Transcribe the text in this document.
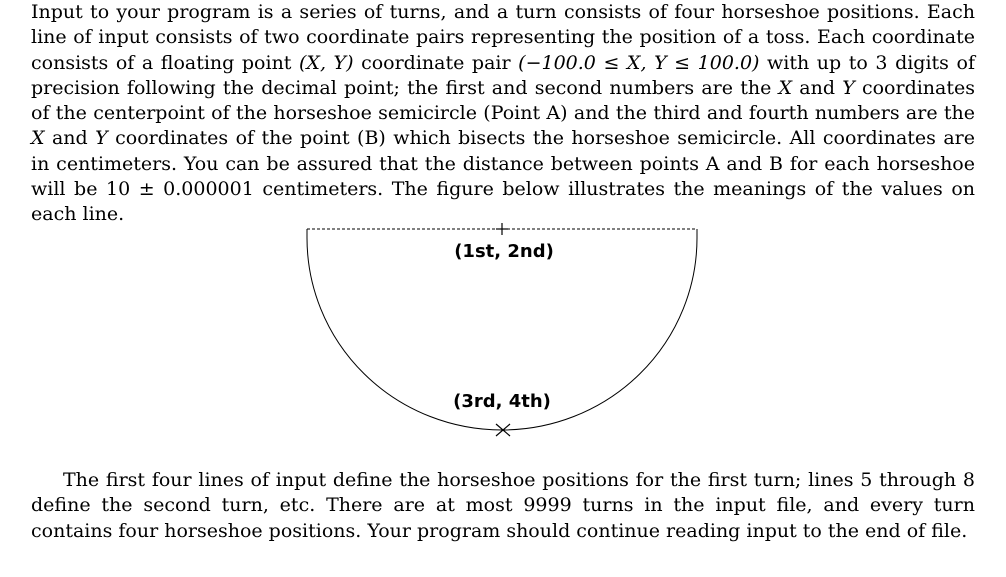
Input to your program is a series of turns, and a turn consists of four horseshoe positions. Each line of input consists of two coordinate pairs representing the position of a toss. Each coordinate consists of a floating point (X, Y) coordinate pair (−100.0 ≤ X, Y ≤ 100.0) with up to 3 digits of precision following the decimal point; the first and second numbers are the X and Y coordinates of the centerpoint of the horseshoe semicircle (Point A) and the third and fourth numbers are the X and Y coordinates of the point (B) which bisects the horseshoe semicircle. All coordinates are in centimeters. You can be assured that the distance between points A and B for each horseshoe will be 10 ± 0.000001 centimeters. The figure below illustrates the meanings of the values on each line.

(1st, 2nd)
(3rd, 4th)

The first four lines of input define the horseshoe positions for the first turn; lines 5 through 8 define the second turn, etc. There are at most 9999 turns in the input file, and every turn contains four horseshoe positions. Your program should continue reading input to the end of file.
